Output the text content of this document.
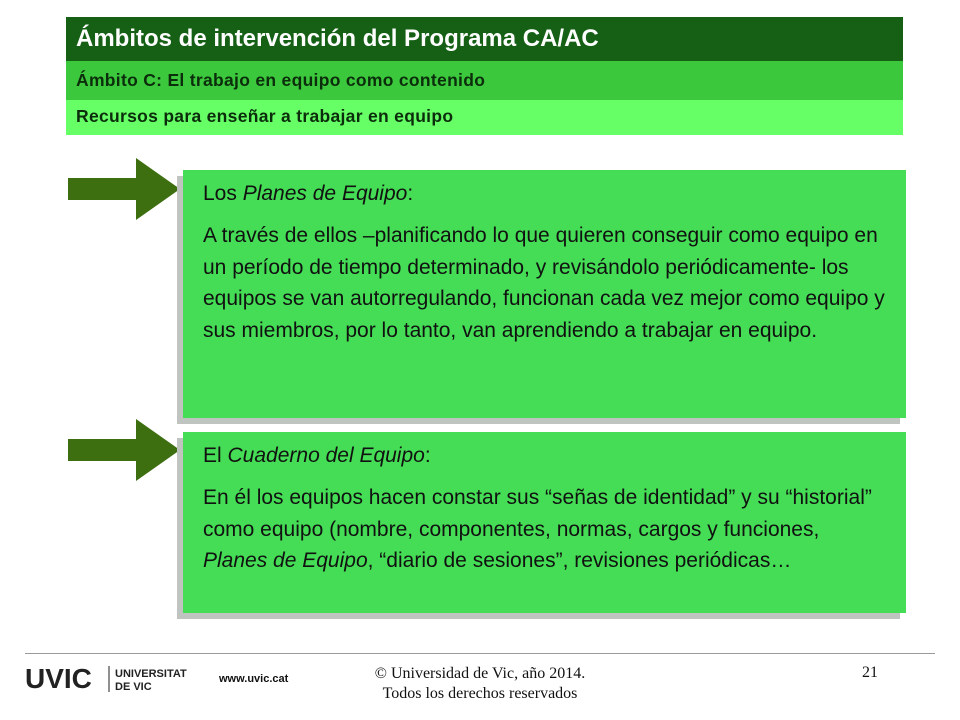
Ámbitos de intervención del Programa CA/AC
Ámbito C: El trabajo en equipo como contenido
Recursos para enseñar a trabajar en equipo

Los Planes de Equipo:

A través de ellos –planificando lo que quieren conseguir como equipo en un período de tiempo determinado, y revisándolo periódicamente- los equipos se van autorregulando, funcionan cada vez mejor como equipo y sus miembros, por lo tanto, van aprendiendo a trabajar en equipo.

El Cuaderno del Equipo:

En él los equipos hacen constar sus “señas de identidad” y su “historial” como equipo (nombre, componentes, normas, cargos y funciones, Planes de Equipo, “diario de sesiones”, revisiones periódicas…

UVIC UNIVERSITAT
DE VIC
www.uvic.cat	© Universidad de Vic, año 2014.
Todos los derechos reservados
21
